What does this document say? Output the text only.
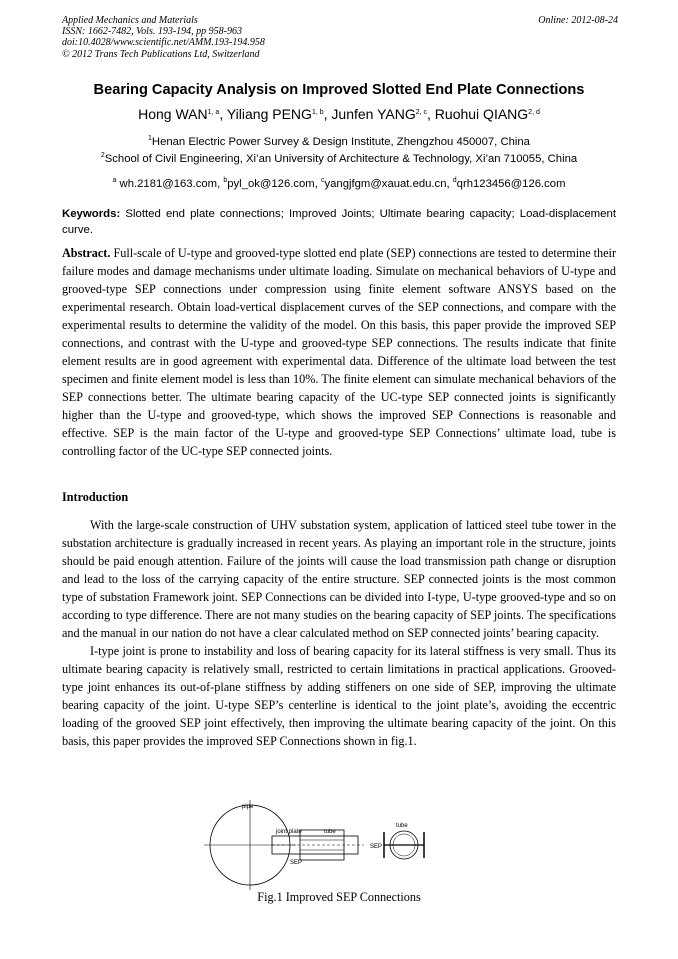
Applied Mechanics and Materials	Online: 2012-08-24
ISSN: 1662-7482, Vols. 193-194, pp 958-963
doi:10.4028/www.scientific.net/AMM.193-194.958
© 2012 Trans Tech Publications Ltd, Switzerland
Bearing Capacity Analysis on Improved Slotted End Plate Connections
Hong WAN$^{1, a}$, Yiliang PENG$^{1, b}$, Junfen YANG$^{2, c}$, Ruohui QIANG$^{2, d}$
$^1$Henan Electric Power Survey & Design Institute, Zhengzhou 450007, China
$^2$School of Civil Engineering, Xi’an University of Architecture & Technology, Xi’an 710055, China
$^a$ wh.2181@163.com, $^b$pyl_ok@126.com, $^c$yangjfgm@xauat.edu.cn, $^d$qrh123456@126.com
Keywords: Slotted end plate connections; Improved Joints; Ultimate bearing capacity; Load-displacement curve.

Abstract. Full-scale of U-type and grooved-type slotted end plate (SEP) connections are tested to determine their failure modes and damage mechanisms under ultimate loading. Simulate on mechanical behaviors of U-type and grooved-type SEP connections under compression using finite element software ANSYS based on the experimental research. Obtain load-vertical displacement curves of the SEP connections, and compare with the experimental results to determine the validity of the model. On this basis, this paper provide the improved SEP connections, and contrast with the U-type and grooved-type SEP connections. The results indicate that finite element results are in good agreement with experimental data. Difference of the ultimate load between the test specimen and finite element model is less than 10%. The finite element can simulate mechanical behaviors of the SEP connections better. The ultimate bearing capacity of the UC-type SEP connected joints is significantly higher than the U-type and grooved-type, which shows the improved SEP Connections is reasonable and effective. SEP is the main factor of the U-type and grooved-type SEP Connections’ ultimate load, tube is controlling factor of the UC-type SEP connected joints.

Introduction

With the large-scale construction of UHV substation system, application of latticed steel tube tower in the substation architecture is gradually increased in recent years. As playing an important role in the structure, joints should be paid enough attention. Failure of the joints will cause the load transmission path change or disruption and lead to the loss of the carrying capacity of the entire structure. SEP connected joints is the most common type of substation Framework joint. SEP Connections can be divided into I-type, U-type grooved-type and so on according to type difference. There are not many studies on the bearing capacity of SEP joints. The specifications and the manual in our nation do not have a clear calculated method on SEP connected joints’ bearing capacity.

I-type joint is prone to instability and loss of bearing capacity for its lateral stiffness is very small. Thus its ultimate bearing capacity is relatively small, restricted to certain limitations in practical applications. Grooved-type joint enhances its out-of-plane stiffness by adding stiffeners on one side of SEP, improving the ultimate bearing capacity of the joint. U-type SEP’s centerline is identical to the joint plate’s, avoiding the eccentric loading of the grooved SEP joint effectively, then improving the ultimate bearing capacity of the joint. On this basis, this paper provides the improved SEP Connections shown in fig.1.

pipe
joint plate	tube
SEP
tube
SEP
Fig.1 Improved SEP Connections
